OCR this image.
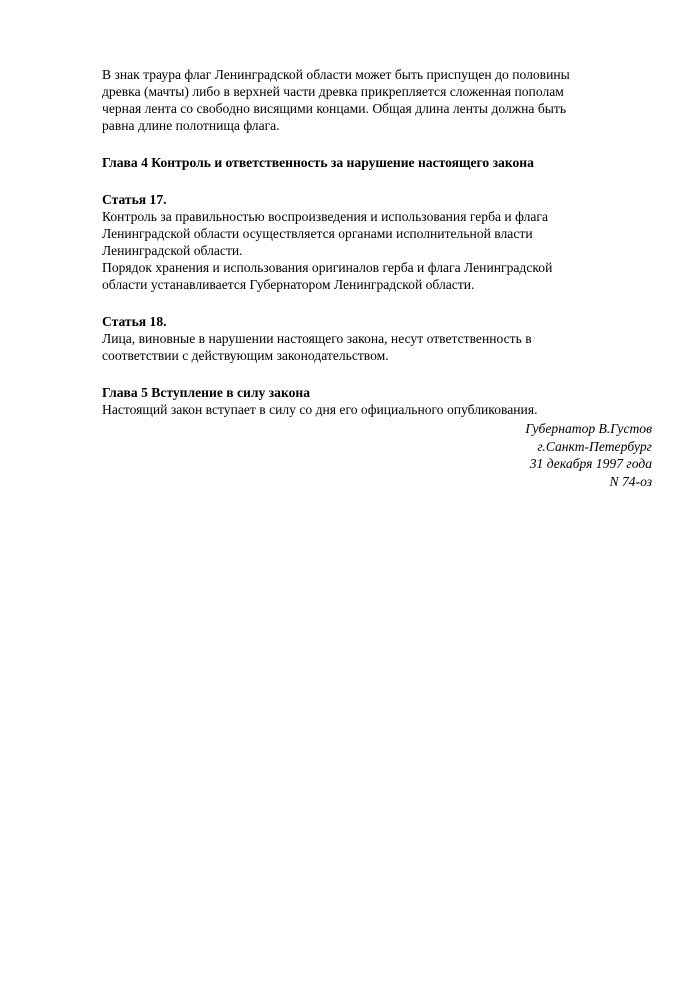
В знак траура флаг Ленинградской области может быть приспущен до половины
древка (мачты) либо в верхней части древка прикрепляется сложенная пополам
черная лента со свободно висящими концами. Общая длина ленты должна быть
равна длине полотнища флага.

Глава 4 Контроль и ответственность за нарушение настоящего закона
Статья 17.

Контроль за правильностью воспроизведения и использования герба и флага
Ленинградской области осуществляется органами исполнительной власти
Ленинградской области.
Порядок хранения и использования оригиналов герба и флага Ленинградской
области устанавливается Губернатором Ленинградской области.

Статья 18.

Лица, виновные в нарушении настоящего закона, несут ответственность в
соответствии с действующим законодательством.

Глава 5 Вступление в силу закона

Настоящий закон вступает в силу со дня его официального опубликования.

Губернатор В.Густов
г.Санкт-Петербург
31 декабря 1997 года
N 74-оз
